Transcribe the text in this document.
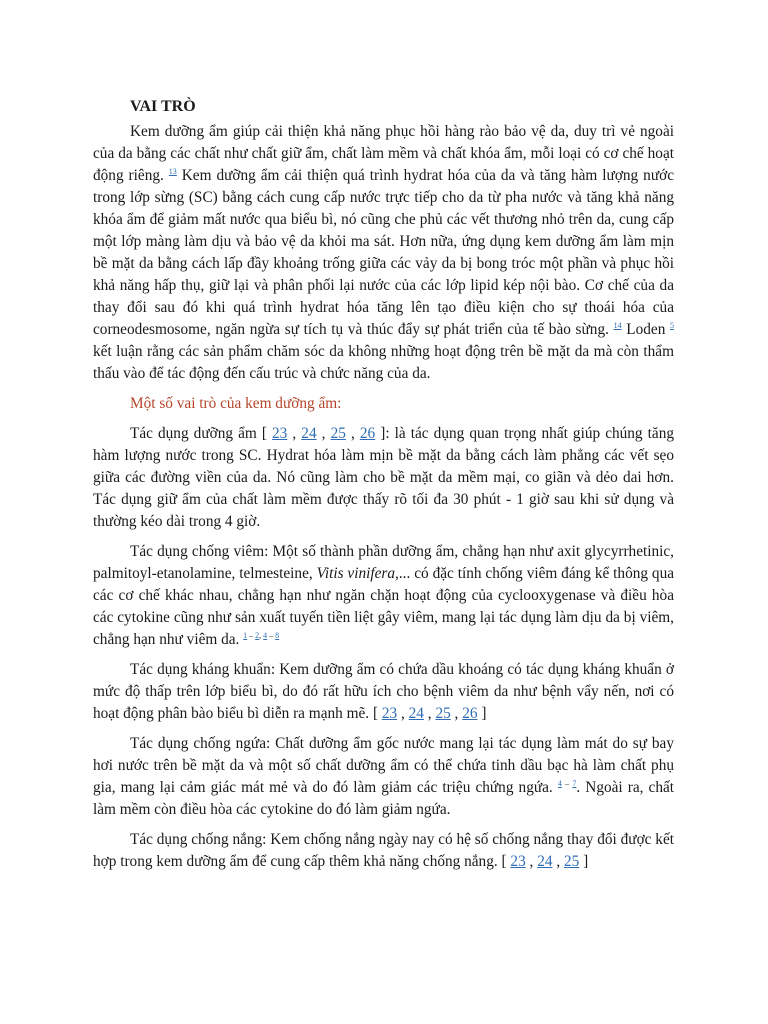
VAI TRÒ

Kem dưỡng ẩm giúp cải thiện khả năng phục hồi hàng rào bảo vệ da, duy trì vẻ ngoài của da bằng các chất như chất giữ ẩm, chất làm mềm và chất khóa ẩm, mỗi loại có cơ chế hoạt động riêng. $^{13}$ Kem dưỡng ẩm cải thiện quá trình hydrat hóa của da và tăng hàm lượng nước trong lớp sừng (SC) bằng cách cung cấp nước trực tiếp cho da từ pha nước và tăng khả năng khóa ẩm để giảm mất nước qua biểu bì, nó cũng che phủ các vết thương nhỏ trên da, cung cấp một lớp màng làm dịu và bảo vệ da khỏi ma sát. Hơn nữa, ứng dụng kem dưỡng ẩm làm mịn bề mặt da bằng cách lấp đầy khoảng trống giữa các vảy da bị bong tróc một phần và phục hồi khả năng hấp thụ, giữ lại và phân phối lại nước của các lớp lipid kép nội bào. Cơ chế của da thay đổi sau đó khi quá trình hydrat hóa tăng lên tạo điều kiện cho sự thoái hóa của corneodesmosome, ngăn ngừa sự tích tụ và thúc đẩy sự phát triển của tế bào sừng. $^{14}$ Loden $^5$ kết luận rằng các sản phẩm chăm sóc da không những hoạt động trên bề mặt da mà còn thẩm thấu vào để tác động đến cấu trúc và chức năng của da.

Một số vai trò của kem dưỡng ẩm:

Tác dụng dưỡng ẩm [ 23 , 24 , 25 , 26 ]: là tác dụng quan trọng nhất giúp chúng tăng hàm lượng nước trong SC. Hydrat hóa làm mịn bề mặt da bằng cách làm phẳng các vết sẹo giữa các đường viền của da. Nó cũng làm cho bề mặt da mềm mại, co giãn và dẻo dai hơn. Tác dụng giữ ẩm của chất làm mềm được thấy rõ tối đa 30 phút - 1 giờ sau khi sử dụng và thường kéo dài trong 4 giờ.

Tác dụng chống viêm: Một số thành phần dưỡng ẩm, chẳng hạn như axit glycyrrhetinic, palmitoyl-etanolamine, telmesteine, Vitis vinifera,... có đặc tính chống viêm đáng kể thông qua các cơ chế khác nhau, chẳng hạn như ngăn chặn hoạt động của cyclooxygenase và điều hòa các cytokine cũng như sản xuất tuyến tiền liệt gây viêm, mang lại tác dụng làm dịu da bị viêm, chẳng hạn như viêm da. $^{1 - 2, 4 - 8}$

Tác dụng kháng khuẩn: Kem dưỡng ẩm có chứa dầu khoáng có tác dụng kháng khuẩn ở mức độ thấp trên lớp biểu bì, do đó rất hữu ích cho bệnh viêm da như bệnh vẩy nến, nơi có hoạt động phân bào biểu bì diễn ra mạnh mẽ. [ 23 , 24 , 25 , 26 ]

Tác dụng chống ngứa: Chất dưỡng ẩm gốc nước mang lại tác dụng làm mát do sự bay hơi nước trên bề mặt da và một số chất dưỡng ẩm có thể chứa tinh dầu bạc hà làm chất phụ gia, mang lại cảm giác mát mẻ và do đó làm giảm các triệu chứng ngứa. $^{4 - 7}$. Ngoài ra, chất làm mềm còn điều hòa các cytokine do đó làm giảm ngứa.

Tác dụng chống nắng: Kem chống nắng ngày nay có hệ số chống nắng thay đổi được kết hợp trong kem dưỡng ẩm để cung cấp thêm khả năng chống nắng. [ 23 , 24 , 25 ]
